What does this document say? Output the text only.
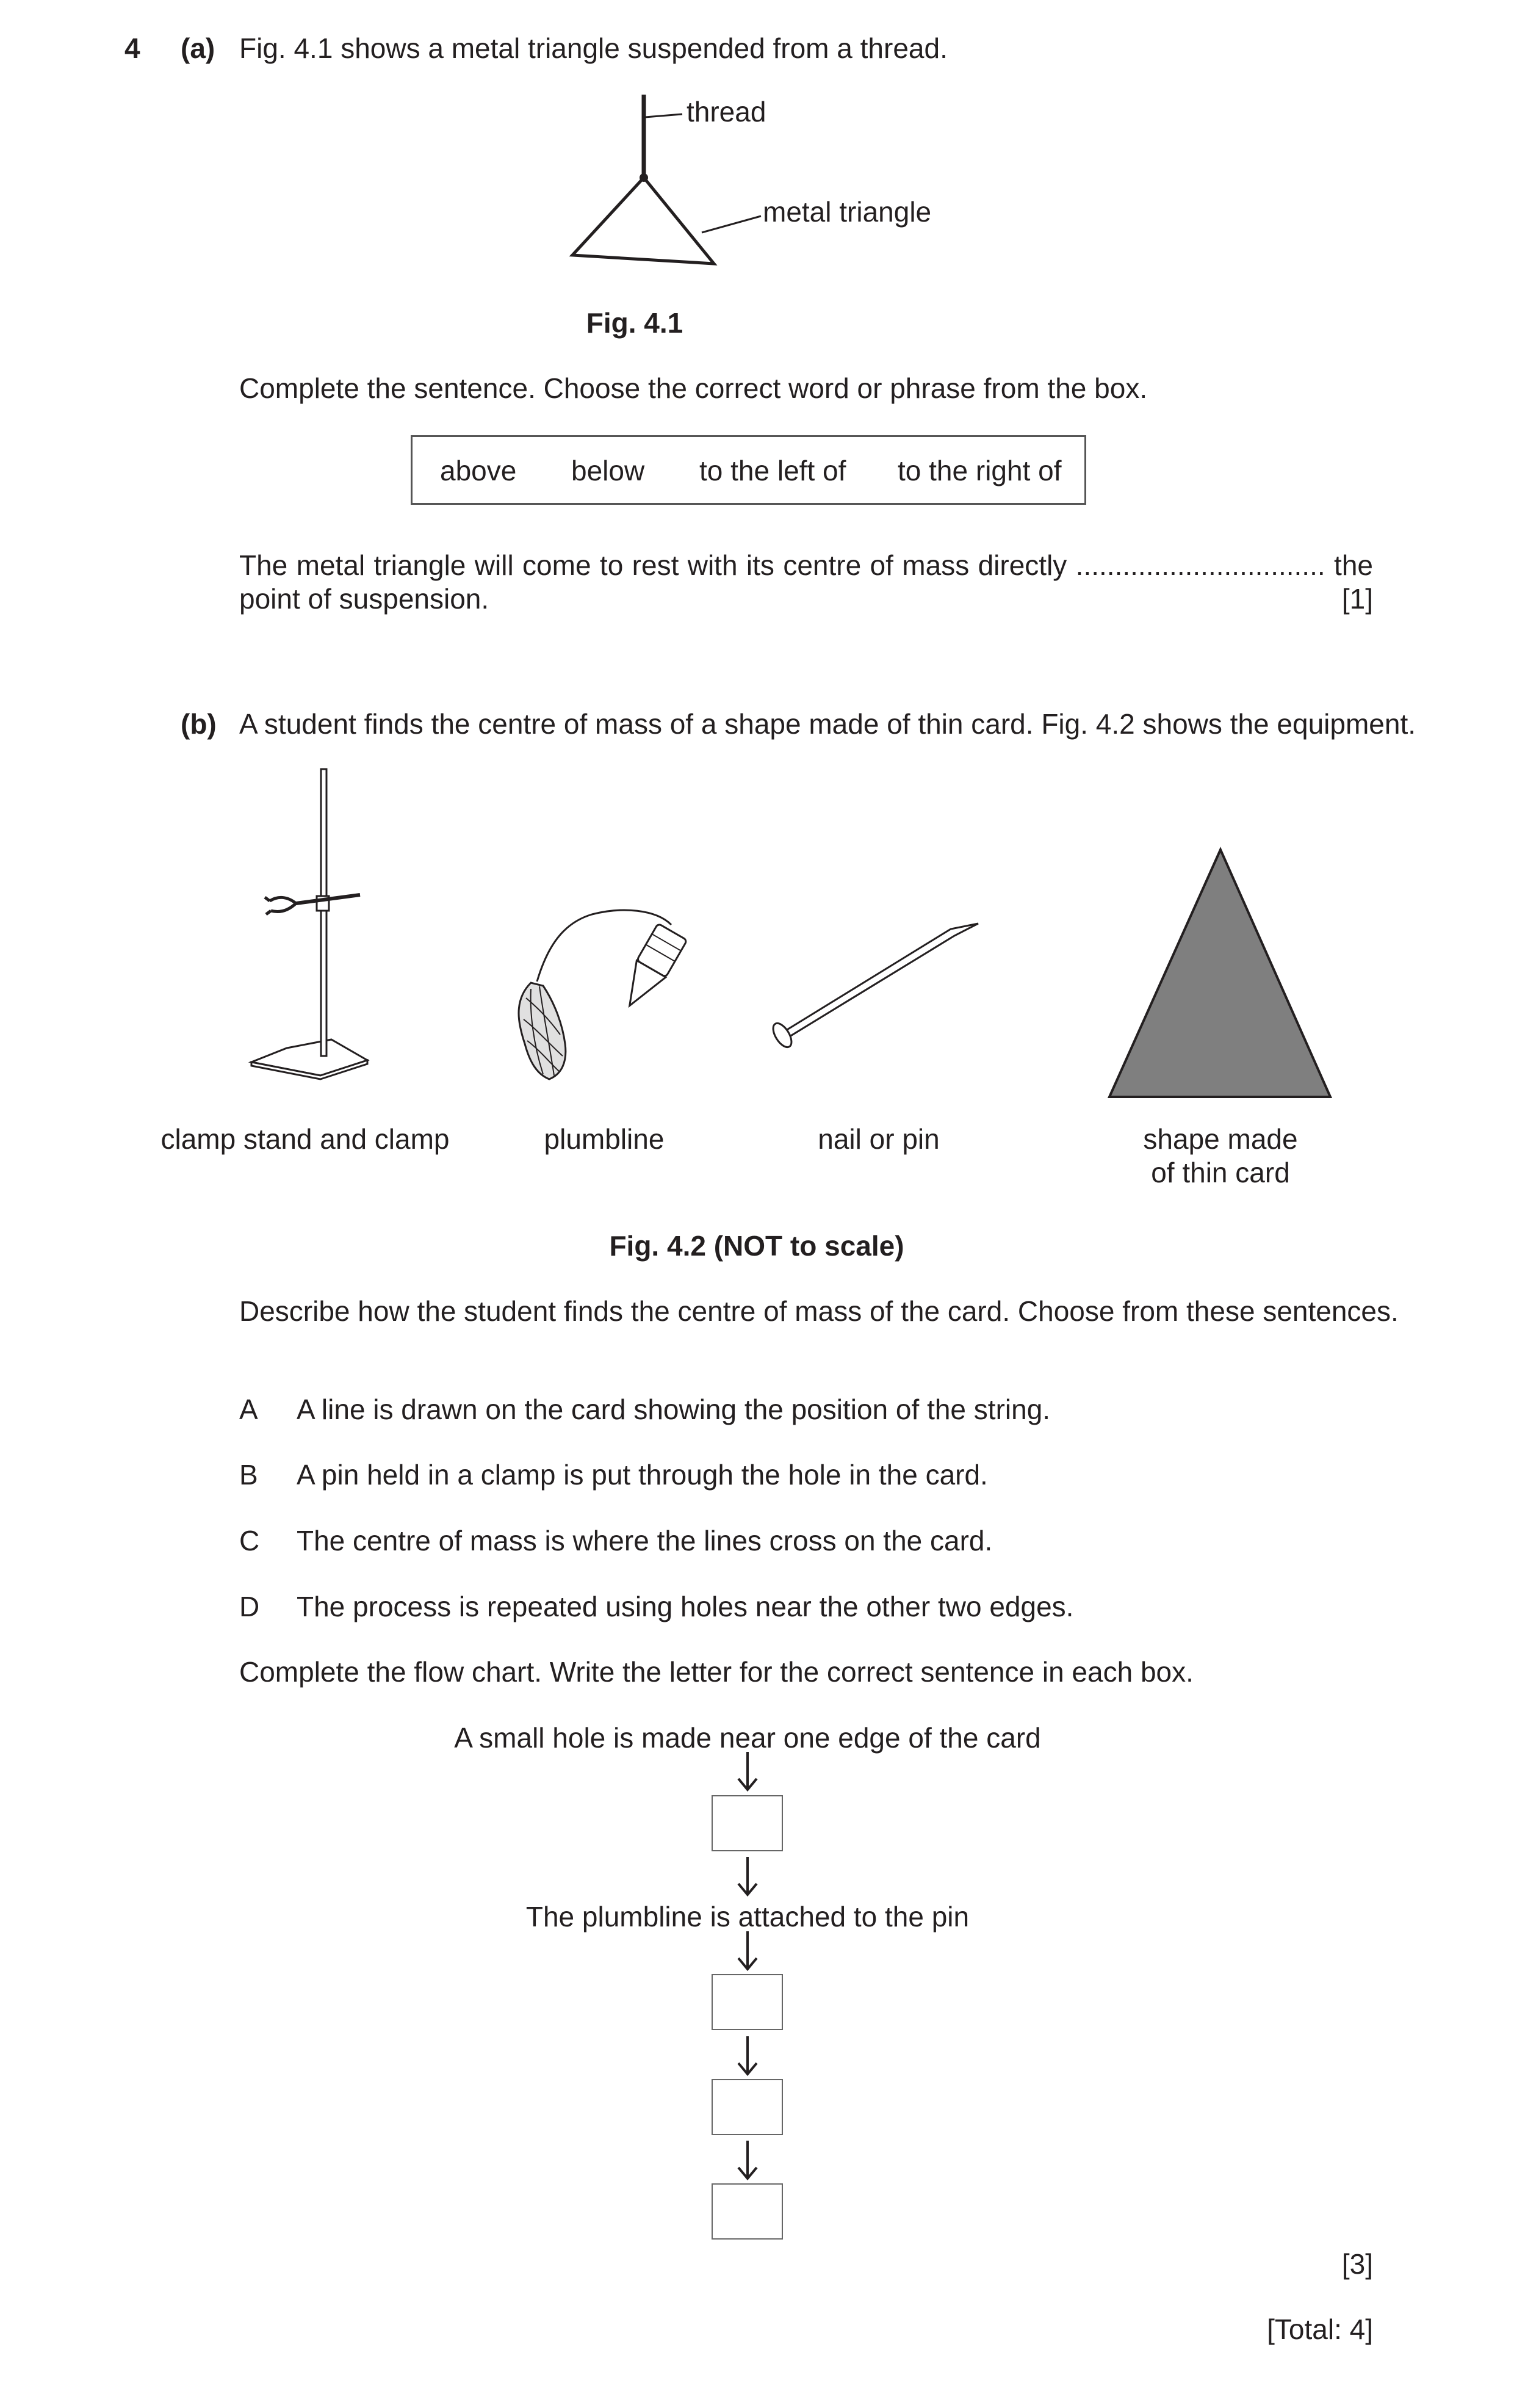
4 (a) Fig. 4.1 shows a metal triangle suspended from a thread.
thread
metal triangle
Fig. 4.1
Complete the sentence. Choose the correct word or phrase from the box.
above below to the left of to the right of
The metal triangle will come to rest with its centre of mass directly ................................ the
point of suspension.	[1]
(b) A student finds the centre of mass of a shape made of thin card. Fig. 4.2 shows the equipment.
clamp stand and clamp	plumbline	nail or pin	shape made
of thin card
Fig. 4.2 (NOT to scale)
Describe how the student finds the centre of mass of the card. Choose from these sentences.
A A line is drawn on the card showing the position of the string.
B A pin held in a clamp is put through the hole in the card.
C The centre of mass is where the lines cross on the card.
D The process is repeated using holes near the other two edges.
Complete the flow chart. Write the letter for the correct sentence in each box.
A small hole is made near one edge of the card
The plumbline is attached to the pin
[3]
[Total: 4]
